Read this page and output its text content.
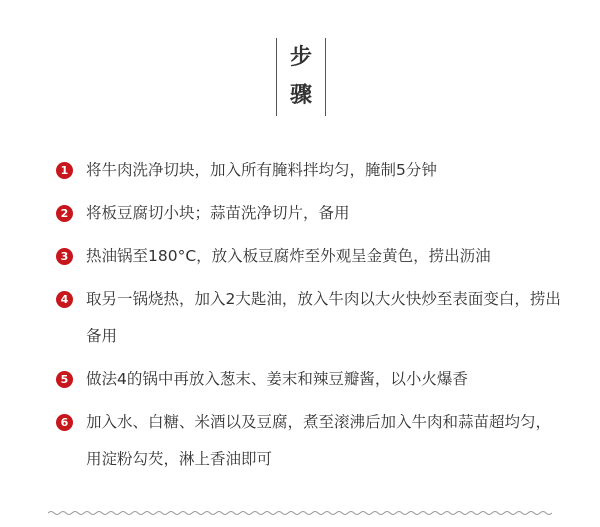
步
骤
1	将牛肉洗净切块，加入所有腌料拌均匀，腌制5分钟
2	将板豆腐切小块；蒜苗洗净切片，备用
3	热油锅至180°C，放入板豆腐炸至外观呈金黄色，捞出沥油
4	取另一锅烧热，加入2大匙油，放入牛肉以大火快炒至表面变白，捞出备用
5	做法4的锅中再放入葱末、姜末和辣豆瓣酱，以小火爆香
6	加入水、白糖、米酒以及豆腐，煮至滚沸后加入牛肉和蒜苗超均匀，用淀粉勾芡，淋上香油即可
